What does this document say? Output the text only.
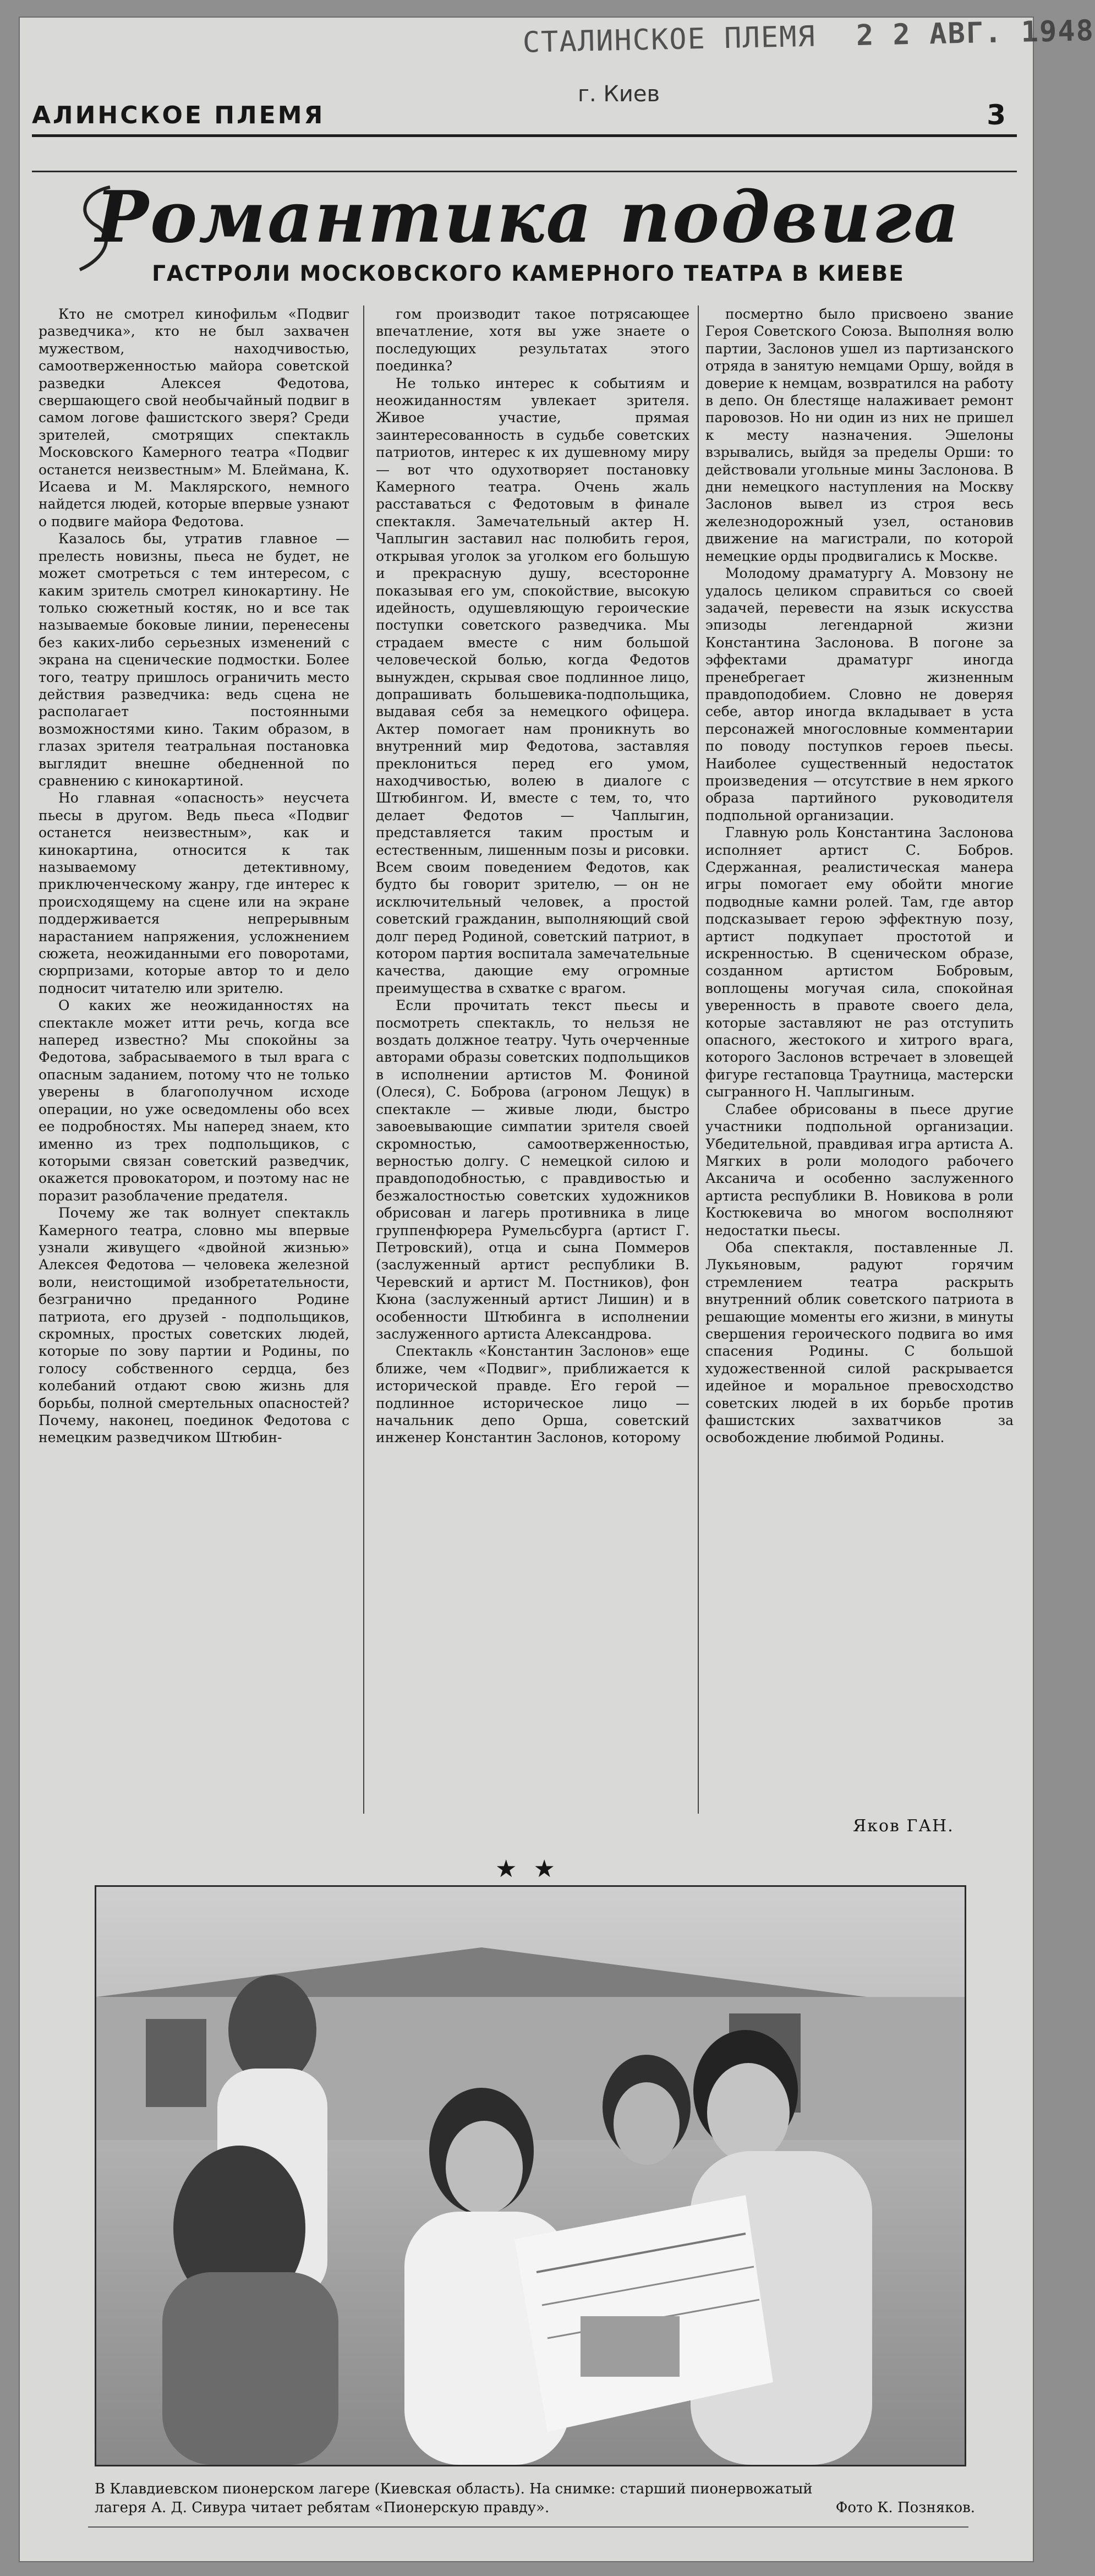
СТАЛИНСКОЕ ПЛЕМЯ 2 2 АВГ. 1948
г. Киев
АЛИНСКОЕ ПЛЕМЯ	3
Романтика подвига
ГАСТРОЛИ МОСКОВСКОГО КАМЕРНОГО ТЕАТРА В КИЕВЕ

Кто не смотрел кинофильм «Подвиг разведчика», кто не был захвачен мужеством, находчивостью, самоотверженностью майора советской разведки Алексея Федотова, свершающего свой необычайный подвиг в самом логове фашистского зверя? Среди зрителей, смотрящих спектакль Московского Камерного театра «Подвиг останется неизвестным» М. Блеймана, К. Исаева и М. Маклярского, немного найдется людей, которые впервые узнают о подвиге майора Федотова.

Казалось бы, утратив главное — прелесть новизны, пьеса не будет, не может смотреться с тем интересом, с каким зритель смотрел кинокартину. Не только сюжетный костяк, но и все так называемые боковые линии, перенесены без каких-либо серьезных изменений с экрана на сценические подмостки. Более того, театру пришлось ограничить место действия разведчика: ведь сцена не располагает постоянными возможностями кино. Таким образом, в глазах зрителя театральная постановка выглядит внешне обедненной по сравнению с кинокартиной.

Но главная «опасность» неусчета пьесы в другом. Ведь пьеса «Подвиг останется неизвестным», как и кинокартина, относится к так называемому детективному, приключенческому жанру, где интерес к происходящему на сцене или на экране поддерживается непрерывным нарастанием напряжения, усложнением сюжета, неожиданными его поворотами, сюрпризами, которые автор то и дело подносит читателю или зрителю.

О каких же неожиданностях на спектакле может итти речь, когда все наперед известно? Мы спокойны за Федотова, забрасываемого в тыл врага с опасным заданием, потому что не только уверены в благополучном исходе операции, но уже осведомлены обо всех ее подробностях. Мы наперед знаем, кто именно из трех подпольщиков, с которыми связан советский разведчик, окажется провокатором, и поэтому нас не поразит разоблачение предателя.

Почему же так волнует спектакль Камерного театра, словно мы впервые узнали живущего «двойной жизнью» Алексея Федотова — человека железной воли, неистощимой изобретательности, безгранично преданного Родине патриота, его друзей - подпольщиков, скромных, простых советских людей, которые по зову партии и Родины, по голосу собственного сердца, без колебаний отдают свою жизнь для борьбы, полной смертельных опасностей? Почему, наконец, поединок Федотова с немецким разведчиком Штюбин-

гом производит такое потрясающее впечатление, хотя вы уже знаете о последующих результатах этого поединка?

Не только интерес к событиям и неожиданностям увлекает зрителя. Живое участие, прямая заинтересованность в судьбе советских патриотов, интерес к их душевному миру — вот что одухотворяет постановку Камерного театра. Очень жаль расставаться с Федотовым в финале спектакля. Замечательный актер Н. Чаплыгин заставил нас полюбить героя, открывая уголок за уголком его большую и прекрасную душу, всесторонне показывая его ум, спокойствие, высокую идейность, одушевляющую героические поступки советского разведчика. Мы страдаем вместе с ним большой человеческой болью, когда Федотов вынужден, скрывая свое подлинное лицо, допрашивать большевика-подпольщика, выдавая себя за немецкого офицера. Актер помогает нам проникнуть во внутренний мир Федотова, заставляя преклониться перед его умом, находчивостью, волею в диалоге с Штюбингом. И, вместе с тем, то, что делает Федотов — Чаплыгин, представляется таким простым и естественным, лишенным позы и рисовки. Всем своим поведением Федотов, как будто бы говорит зрителю, — он не исключительный человек, а простой советский гражданин, выполняющий свой долг перед Родиной, советский патриот, в котором партия воспитала замечательные качества, дающие ему огромные преимущества в схватке с врагом.

Если прочитать текст пьесы и посмотреть спектакль, то нельзя не воздать должное театру. Чуть очерченные авторами образы советских подпольщиков в исполнении артистов М. Фониной (Олеся), С. Боброва (агроном Лещук) в спектакле — живые люди, быстро завоевывающие симпатии зрителя своей скромностью, самоотверженностью, верностью долгу. С немецкой силою и правдоподобностью, с правдивостью и безжалостностью советских художников обрисован и лагерь противника в лице группенфюрера Румельсбурга (артист Г. Петровский), отца и сына Поммеров (заслуженный артист республики В. Черевский и артист М. Постников), фон Кюна (заслуженный артист Лишин) и в особенности Штюбинга в исполнении заслуженного артиста Александрова.

Спектакль «Константин Заслонов» еще ближе, чем «Подвиг», приближается к исторической правде. Его герой — подлинное историческое лицо — начальник депо Орша, советский инженер Константин Заслонов, которому

посмертно было присвоено звание Героя Советского Союза. Выполняя волю партии, Заслонов ушел из партизанского отряда в занятую немцами Оршу, войдя в доверие к немцам, возвратился на работу в депо. Он блестяще налаживает ремонт паровозов. Но ни один из них не пришел к месту назначения. Эшелоны взрывались, выйдя за пределы Орши: то действовали угольные мины Заслонова. В дни немецкого наступления на Москву Заслонов вывел из строя весь железнодорожный узел, остановив движение на магистрали, по которой немецкие орды продвигались к Москве.

Молодому драматургу А. Мовзону не удалось целиком справиться со своей задачей, перевести на язык искусства эпизоды легендарной жизни Константина Заслонова. В погоне за эффектами драматург иногда пренебрегает жизненным правдоподобием. Словно не доверяя себе, автор иногда вкладывает в уста персонажей многословные комментарии по поводу поступков героев пьесы. Наиболее существенный недостаток произведения — отсутствие в нем яркого образа партийного руководителя подпольной организации.

Главную роль Константина Заслонова исполняет артист С. Бобров. Сдержанная, реалистическая манера игры помогает ему обойти многие подводные камни ролей. Там, где автор подсказывает герою эффектную позу, артист подкупает простотой и искренностью. В сценическом образе, созданном артистом Бобровым, воплощены могучая сила, спокойная уверенность в правоте своего дела, которые заставляют не раз отступить опасного, жестокого и хитрого врага, которого Заслонов встречает в зловещей фигуре гестаповца Траутница, мастерски сыгранного Н. Чаплыгиным.

Слабее обрисованы в пьесе другие участники подпольной организации. Убедительной, правдивая игра артиста А. Мягких в роли молодого рабочего Аксанича и особенно заслуженного артиста республики В. Новикова в роли Костюкевича во многом восполняют недостатки пьесы.

Оба спектакля, поставленные Л. Лукьяновым, радуют горячим стремлением театра раскрыть внутренний облик советского патриота в решающие моменты его жизни, в минуты свершения героического подвига во имя спасения Родины. С большой художественной силой раскрывается идейное и моральное превосходство советских людей в их борьбе против фашистских захватчиков за освобождение любимой Родины.

Яков ГАН.
★★
В Клавдиевском пионерском лагере (Киевская область). На снимке: старший пионервожатый
лагеря А. Д. Сивура читает ребятам «Пионерскую правду».	Фото К. Позняков.
